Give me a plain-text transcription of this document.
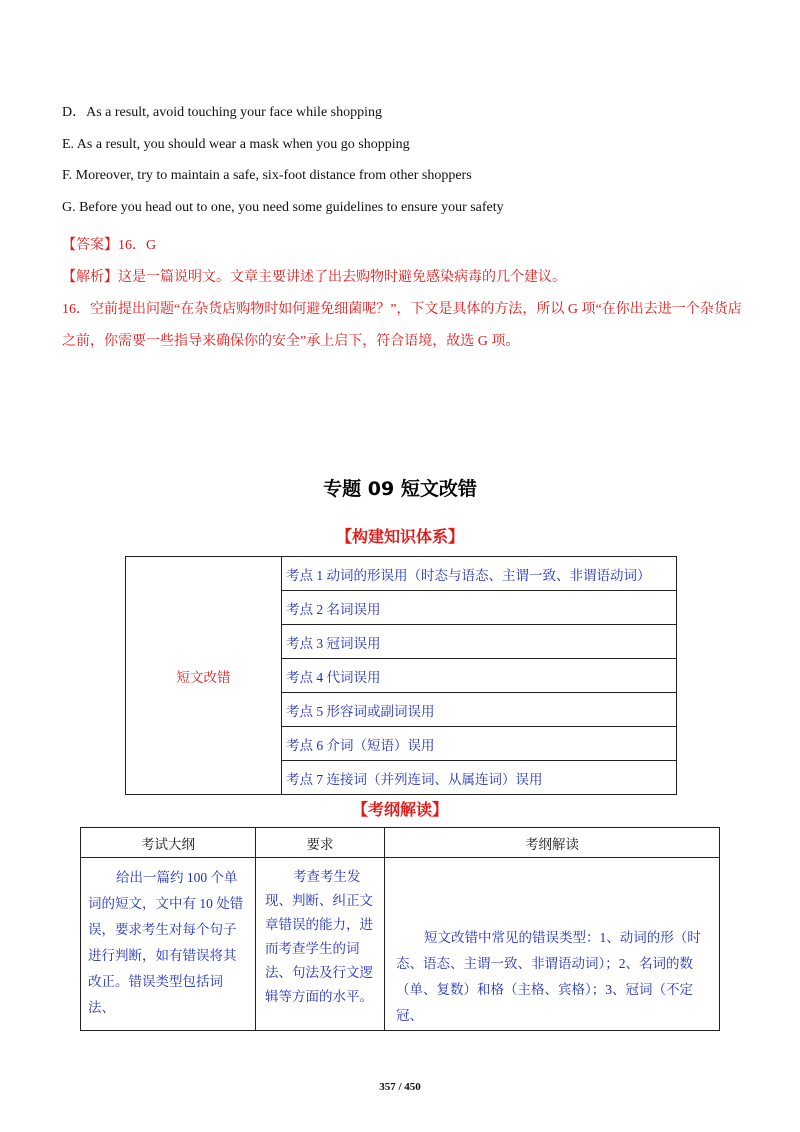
D．As a result, avoid touching your face while shopping
E. As a result, you should wear a mask when you go shopping
F. Moreover, try to maintain a safe, six-foot distance from other shoppers
G. Before you head out to one, you need some guidelines to ensure your safety
【答案】16．G
【解析】这是一篇说明文。文章主要讲述了出去购物时避免感染病毒的几个建议。
16．空前提出问题“在杂货店购物时如何避免细菌呢？”，下文是具体的方法，所以 G 项“在你出去进一个杂货店
之前，你需要一些指导来确保你的安全”承上启下，符合语境，故选 G 项。
专题 09 短文改错
【构建知识体系】
短文改错	考点 1 动词的形误用（时态与语态、主谓一致、非谓语动词）
考点 2 名词误用
考点 3 冠词误用
考点 4 代词误用
考点 5 形容词或副词误用
考点 6 介词（短语）误用
考点 7 连接词（并列连词、从属连词）误用
【考纲解读】
考试大纲	要求	考纲解读

给出一篇约 100 个单词的短文，文中有 10 处错误，要求考生对每个句子进行判断，如有错误将其改正。错误类型包括词法、	考查考生发现、判断、纠正文章错误的能力，进而考查学生的词法、句法及行文逻辑等方面的水平。	短文改错中常见的错误类型：1、动词的形（时态、语态、主谓一致、非谓语动词）；2、名词的数（单、复数）和格（主格、宾格）；3、冠词（不定冠、
357 / 450
